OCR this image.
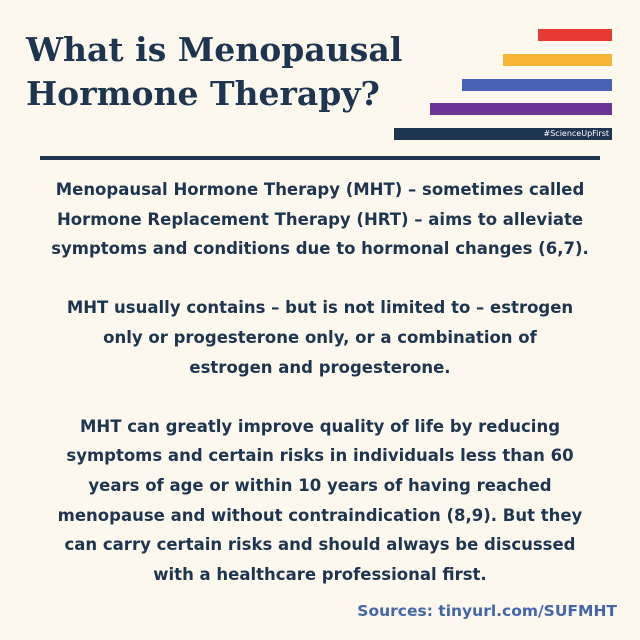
What is Menopausal
Hormone Therapy?
#ScienceUpFirst

Menopausal Hormone Therapy (MHT) – sometimes called
Hormone Replacement Therapy (HRT) – aims to alleviate
symptoms and conditions due to hormonal changes (6,7).

MHT usually contains – but is not limited to – estrogen
only or progesterone only, or a combination of
estrogen and progesterone.

MHT can greatly improve quality of life by reducing
symptoms and certain risks in individuals less than 60
years of age or within 10 years of having reached
menopause and without contraindication (8,9). But they
can carry certain risks and should always be discussed
with a healthcare professional first.

Sources: tinyurl.com/SUFMHT
